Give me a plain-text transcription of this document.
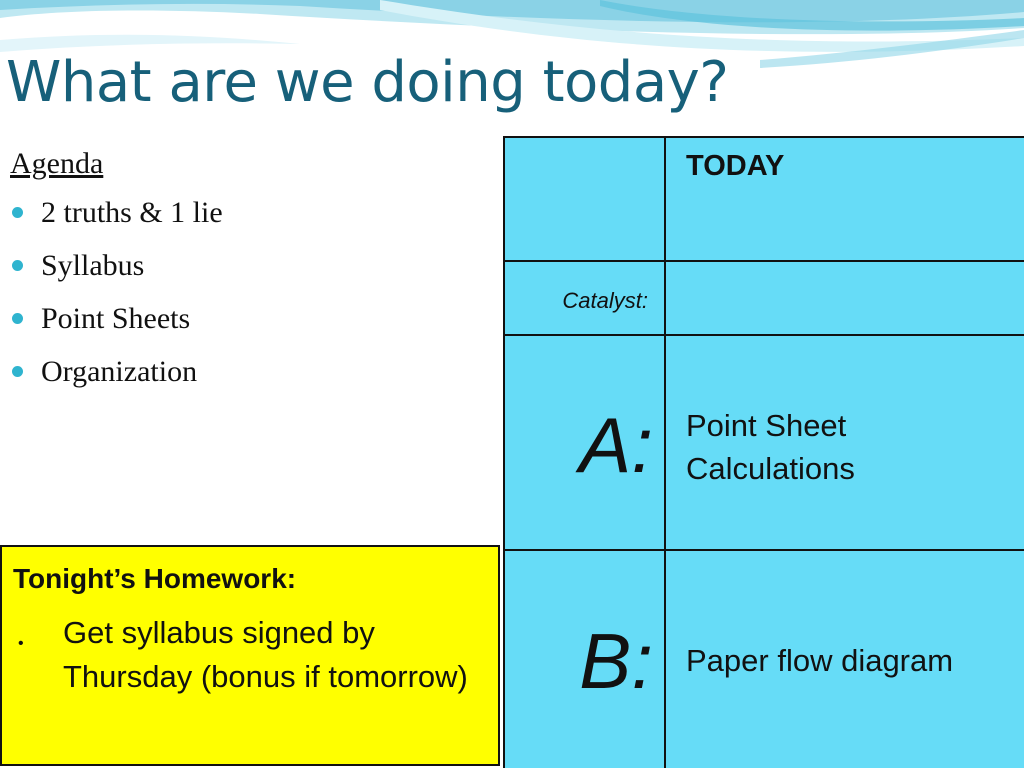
What are we doing today?
Agenda
2 truths & 1 lie
Syllabus
Point Sheets
Organization
Tonight’s Homework:
• Get syllabus signed by Thursday (bonus if tomorrow)
TODAY
Catalyst:
A: Point Sheet Calculations
B: Paper flow diagram
